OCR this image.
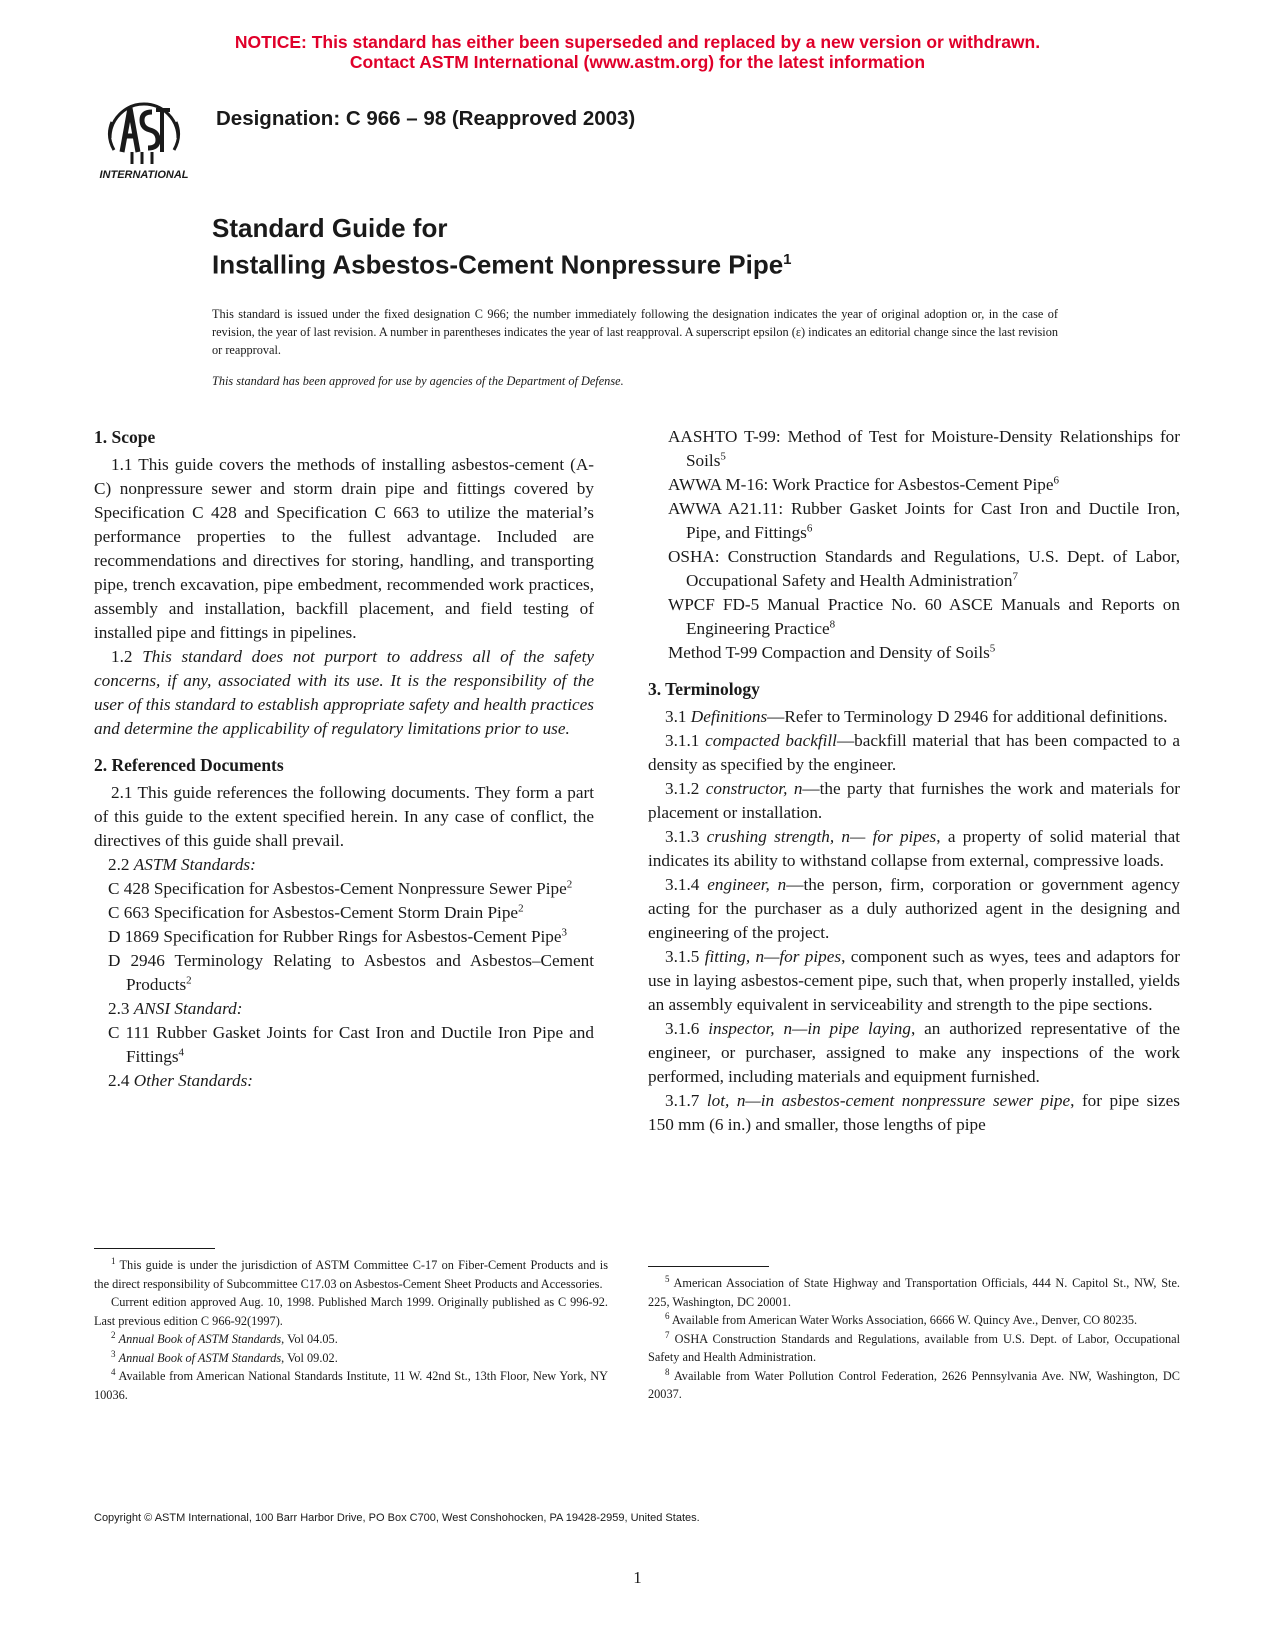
NOTICE: This standard has either been superseded and replaced by a new version or withdrawn.
Contact ASTM International (www.astm.org) for the latest information
INTERNATIONAL
Designation: C 966 – 98 (Reapproved 2003)
Standard Guide for
Installing Asbestos-Cement Nonpressure Pipe$^1$
This standard is issued under the fixed designation C 966; the number immediately following the designation indicates the year of original adoption or, in the case of revision, the year of last revision. A number in parentheses indicates the year of last reapproval. A superscript epsilon (ε) indicates an editorial change since the last revision or reapproval.
This standard has been approved for use by agencies of the Department of Defense.
1. Scope

1.1 This guide covers the methods of installing asbestos-cement (A-C) nonpressure sewer and storm drain pipe and fittings covered by Specification C 428 and Specification C 663 to utilize the material’s performance properties to the fullest advantage. Included are recommendations and directives for storing, handling, and transporting pipe, trench excavation, pipe embedment, recommended work practices, assembly and installation, backfill placement, and field testing of installed pipe and fittings in pipelines.

1.2 This standard does not purport to address all of the safety concerns, if any, associated with its use. It is the responsibility of the user of this standard to establish appropriate safety and health practices and determine the applicability of regulatory limitations prior to use.

2. Referenced Documents

2.1 This guide references the following documents. They form a part of this guide to the extent specified herein. In any case of conflict, the directives of this guide shall prevail.

2.2 ASTM Standards:

C 428 Specification for Asbestos-Cement Nonpressure Sewer Pipe$^2$

C 663 Specification for Asbestos-Cement Storm Drain Pipe$^2$

D 1869 Specification for Rubber Rings for Asbestos-Cement Pipe$^3$

D 2946 Terminology Relating to Asbestos and Asbestos–Cement Products$^2$

2.3 ANSI Standard:

C 111 Rubber Gasket Joints for Cast Iron and Ductile Iron Pipe and Fittings$^4$

2.4 Other Standards:

AASHTO T-99: Method of Test for Moisture-Density Relationships for Soils$^5$

AWWA M-16: Work Practice for Asbestos-Cement Pipe$^6$

AWWA A21.11: Rubber Gasket Joints for Cast Iron and Ductile Iron, Pipe, and Fittings$^6$

OSHA: Construction Standards and Regulations, U.S. Dept. of Labor, Occupational Safety and Health Administration$^7$

WPCF FD-5 Manual Practice No. 60 ASCE Manuals and Reports on Engineering Practice$^8$

Method T-99 Compaction and Density of Soils$^5$

3. Terminology

3.1 Definitions—Refer to Terminology D 2946 for additional definitions.

3.1.1 compacted backfill—backfill material that has been compacted to a density as specified by the engineer.

3.1.2 constructor, n—the party that furnishes the work and materials for placement or installation.

3.1.3 crushing strength, n— for pipes, a property of solid material that indicates its ability to withstand collapse from external, compressive loads.

3.1.4 engineer, n—the person, firm, corporation or government agency acting for the purchaser as a duly authorized agent in the designing and engineering of the project.

3.1.5 fitting, n—for pipes, component such as wyes, tees and adaptors for use in laying asbestos-cement pipe, such that, when properly installed, yields an assembly equivalent in serviceability and strength to the pipe sections.

3.1.6 inspector, n—in pipe laying, an authorized representative of the engineer, or purchaser, assigned to make any inspections of the work performed, including materials and equipment furnished.

3.1.7 lot, n—in asbestos-cement nonpressure sewer pipe, for pipe sizes 150 mm (6 in.) and smaller, those lengths of pipe

$^1$ This guide is under the jurisdiction of ASTM Committee C-17 on Fiber-Cement Products and is the direct responsibility of Subcommittee C17.03 on Asbestos-Cement Sheet Products and Accessories.

Current edition approved Aug. 10, 1998. Published March 1999. Originally published as C 996-92. Last previous edition C 966-92(1997).

$^2$ Annual Book of ASTM Standards, Vol 04.05.

$^3$ Annual Book of ASTM Standards, Vol 09.02.

$^4$ Available from American National Standards Institute, 11 W. 42nd St., 13th Floor, New York, NY 10036.

$^5$ American Association of State Highway and Transportation Officials, 444 N. Capitol St., NW, Ste. 225, Washington, DC 20001.

$^6$ Available from American Water Works Association, 6666 W. Quincy Ave., Denver, CO 80235.

$^7$ OSHA Construction Standards and Regulations, available from U.S. Dept. of Labor, Occupational Safety and Health Administration.

$^8$ Available from Water Pollution Control Federation, 2626 Pennsylvania Ave. NW, Washington, DC 20037.

Copyright © ASTM International, 100 Barr Harbor Drive, PO Box C700, West Conshohocken, PA 19428-2959, United States.
1
